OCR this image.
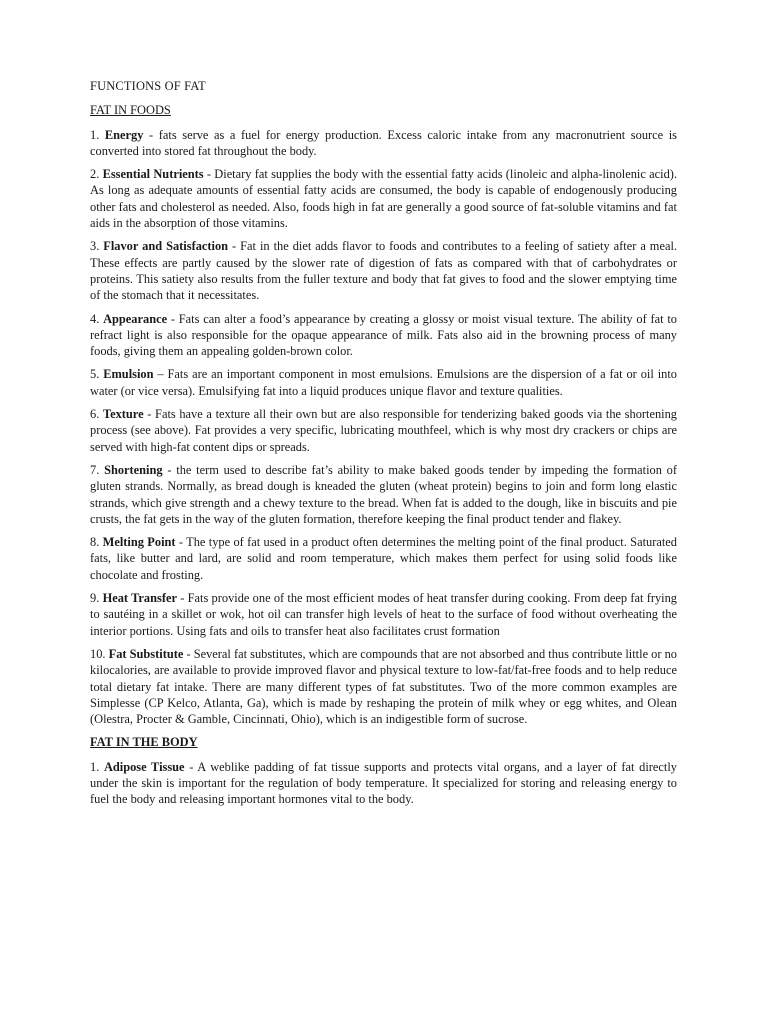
FUNCTIONS OF FAT

FAT IN FOODS

1. Energy - fats serve as a fuel for energy production. Excess caloric intake from any macronutrient source is converted into stored fat throughout the body.

2. Essential Nutrients - Dietary fat supplies the body with the essential fatty acids (linoleic and alpha-linolenic acid). As long as adequate amounts of essential fatty acids are consumed, the body is capable of endogenously producing other fats and cholesterol as needed. Also, foods high in fat are generally a good source of fat-soluble vitamins and fat aids in the absorption of those vitamins.

3. Flavor and Satisfaction - Fat in the diet adds flavor to foods and contributes to a feeling of satiety after a meal. These effects are partly caused by the slower rate of digestion of fats as compared with that of carbohydrates or proteins. This satiety also results from the fuller texture and body that fat gives to food and the slower emptying time of the stomach that it necessitates.

4. Appearance - Fats can alter a food’s appearance by creating a glossy or moist visual texture. The ability of fat to refract light is also responsible for the opaque appearance of milk. Fats also aid in the browning process of many foods, giving them an appealing golden-brown color.

5. Emulsion – Fats are an important component in most emulsions. Emulsions are the dispersion of a fat or oil into water (or vice versa). Emulsifying fat into a liquid produces unique flavor and texture qualities.

6. Texture - Fats have a texture all their own but are also responsible for tenderizing baked goods via the shortening process (see above). Fat provides a very specific, lubricating mouthfeel, which is why most dry crackers or chips are served with high-fat content dips or spreads.

7. Shortening - the term used to describe fat’s ability to make baked goods tender by impeding the formation of gluten strands. Normally, as bread dough is kneaded the gluten (wheat protein) begins to join and form long elastic strands, which give strength and a chewy texture to the bread. When fat is added to the dough, like in biscuits and pie crusts, the fat gets in the way of the gluten formation, therefore keeping the final product tender and flakey.

8. Melting Point - The type of fat used in a product often determines the melting point of the final product. Saturated fats, like butter and lard, are solid and room temperature, which makes them perfect for using solid foods like chocolate and frosting.

9. Heat Transfer - Fats provide one of the most efficient modes of heat transfer during cooking. From deep fat frying to sautéing in a skillet or wok, hot oil can transfer high levels of heat to the surface of food without overheating the interior portions. Using fats and oils to transfer heat also facilitates crust formation

10. Fat Substitute - Several fat substitutes, which are compounds that are not absorbed and thus contribute little or no kilocalories, are available to provide improved flavor and physical texture to low-fat/fat-free foods and to help reduce total dietary fat intake. There are many different types of fat substitutes. Two of the more common examples are Simplesse (CP Kelco, Atlanta, Ga), which is made by reshaping the protein of milk whey or egg whites, and Olean (Olestra, Procter & Gamble, Cincinnati, Ohio), which is an indigestible form of sucrose.

FAT IN THE BODY

1. Adipose Tissue - A weblike padding of fat tissue supports and protects vital organs, and a layer of fat directly under the skin is important for the regulation of body temperature. It specialized for storing and releasing energy to fuel the body and releasing important hormones vital to the body.
